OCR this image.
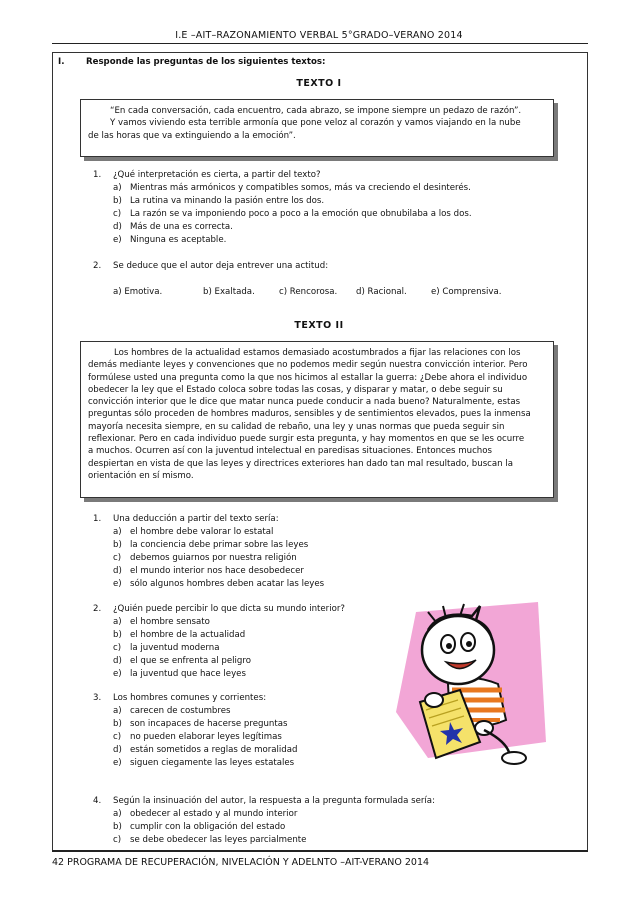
I.E –AIT–RAZONAMIENTO VERBAL 5°GRADO–VERANO 2014
I.	Responde las preguntas de los siguientes textos:
TEXTO I

“En cada conversación, cada encuentro, cada abrazo, se impone siempre un pedazo de razón”.

Y vamos viviendo esta terrible armonía que pone veloz al corazón y vamos viajando en la nube

de las horas que va extinguiendo a la emoción”.

1. ¿Qué interpretación es cierta, a partir del texto?
a) Mientras más armónicos y compatibles somos, más va creciendo el desinterés.
b) La rutina va minando la pasión entre los dos.
c) La razón se va imponiendo poco a poco a la emoción que obnubilaba a los dos.
d) Más de una es correcta.
e) Ninguna es aceptable.
2. Se deduce que el autor deja entrever una actitud:
a) Emotiva.	b) Exaltada.	c) Rencorosa. d) Racional.	e) Comprensiva.
TEXTO II

Los hombres de la actualidad estamos demasiado acostumbrados a fijar las relaciones con los

demás mediante leyes y convenciones que no podemos medir según nuestra convicción interior. Pero

formúlese usted una pregunta como la que nos hicimos al estallar la guerra: ¿Debe ahora el individuo

obedecer la ley que el Estado coloca sobre todas las cosas, y disparar y matar, o debe seguir su

convicción interior que le dice que matar nunca puede conducir a nada bueno? Naturalmente, estas

preguntas sólo proceden de hombres maduros, sensibles y de sentimientos elevados, pues la inmensa

mayoría necesita siempre, en su calidad de rebaño, una ley y unas normas que pueda seguir sin

reflexionar. Pero en cada individuo puede surgir esta pregunta, y hay momentos en que se les ocurre

a muchos. Ocurren así con la juventud intelectual en paredisas situaciones. Entonces muchos

despiertan en vista de que las leyes y directrices exteriores han dado tan mal resultado, buscan la

orientación en sí mismo.

1. Una deducción a partir del texto sería:
a) el hombre debe valorar lo estatal
b) la conciencia debe primar sobre las leyes
c) debemos guiarnos por nuestra religión
d) el mundo interior nos hace desobedecer
e) sólo algunos hombres deben acatar las leyes
2. ¿Quién puede percibir lo que dicta su mundo interior?
a) el hombre sensato
b) el hombre de la actualidad
c) la juventud moderna
d) el que se enfrenta al peligro
e) la juventud que hace leyes
3. Los hombres comunes y corrientes:
a) carecen de costumbres
b) son incapaces de hacerse preguntas
c) no pueden elaborar leyes legítimas
d) están sometidos a reglas de moralidad
e) siguen ciegamente las leyes estatales
4. Según la insinuación del autor, la respuesta a la pregunta formulada sería:
a) obedecer al estado y al mundo interior
b) cumplir con la obligación del estado
c) se debe obedecer las leyes parcialmente
42 PROGRAMA DE RECUPERACIÓN, NIVELACIÓN Y ADELNTO –AIT-VERANO 2014
